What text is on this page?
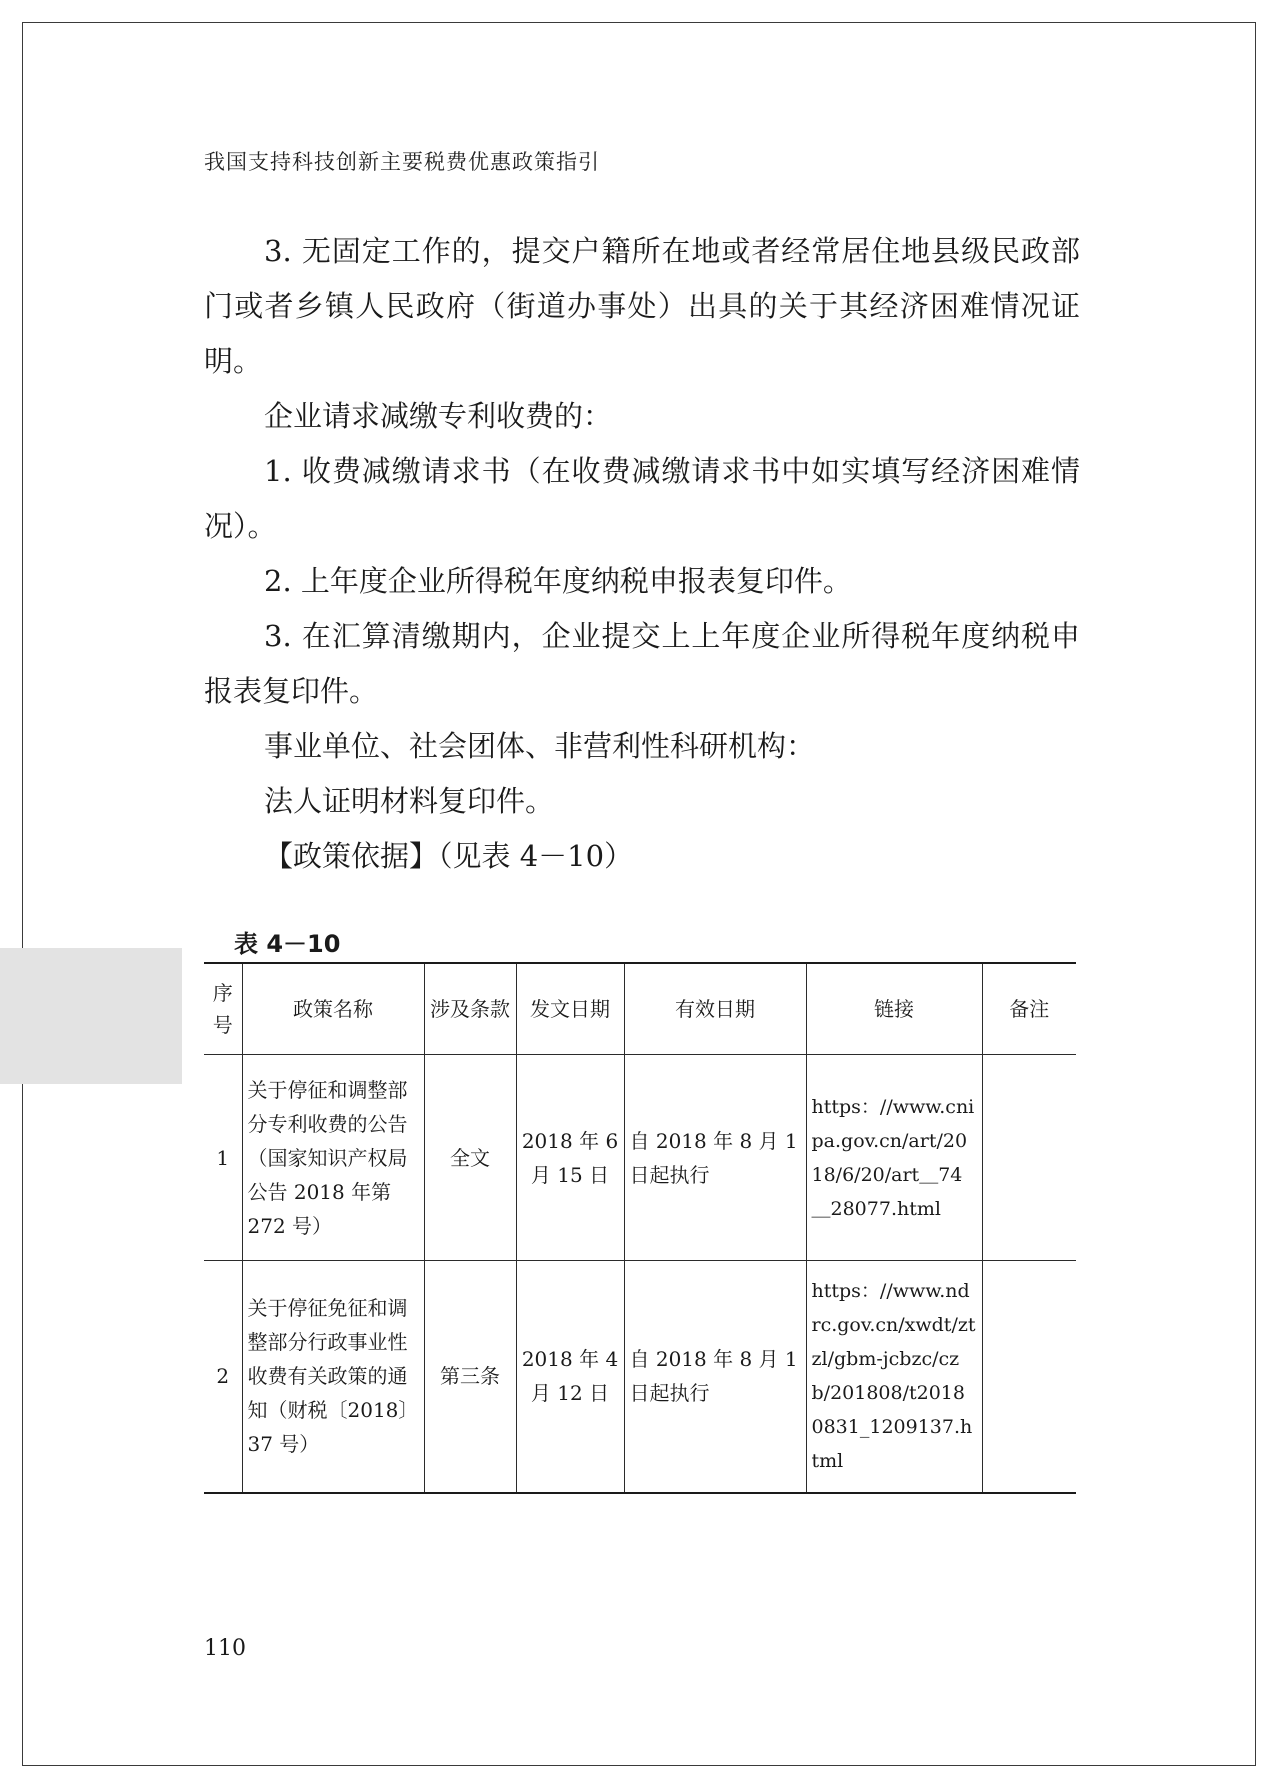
我国支持科技创新主要税费优惠政策指引

3. 无固定工作的，提交户籍所在地或者经常居住地县级民政部门或者乡镇人民政府（街道办事处）出具的关于其经济困难情况证明。

企业请求减缴专利收费的：

1. 收费减缴请求书（在收费减缴请求书中如实填写经济困难情况）。

2. 上年度企业所得税年度纳税申报表复印件。

3. 在汇算清缴期内，企业提交上上年度企业所得税年度纳税申报表复印件。

事业单位、社会团体、非营利性科研机构：

法人证明材料复印件。

【政策依据】（见表 4－10）

表 4－10
序号	政策名称	涉及条款	发文日期	有效日期	链接	备注
1	关于停征和调整部分专利收费的公告（国家知识产权局公告 2018 年第 272 号）	全文	2018 年 6 月 15 日	自 2018 年 8 月 1 日起执行	https：//www.cnipa.gov.cn/art/2018/6/20/art＿74＿28077.html	
2	关于停征免征和调整部分行政事业性收费有关政策的通知（财税〔2018〕37 号）	第三条	2018 年 4 月 12 日	自 2018 年 8 月 1 日起执行	https：//www.ndrc.gov.cn/xwdt/ztzl/gbm-jcbzc/czb/201808/t20180831_1209137.html	
110
